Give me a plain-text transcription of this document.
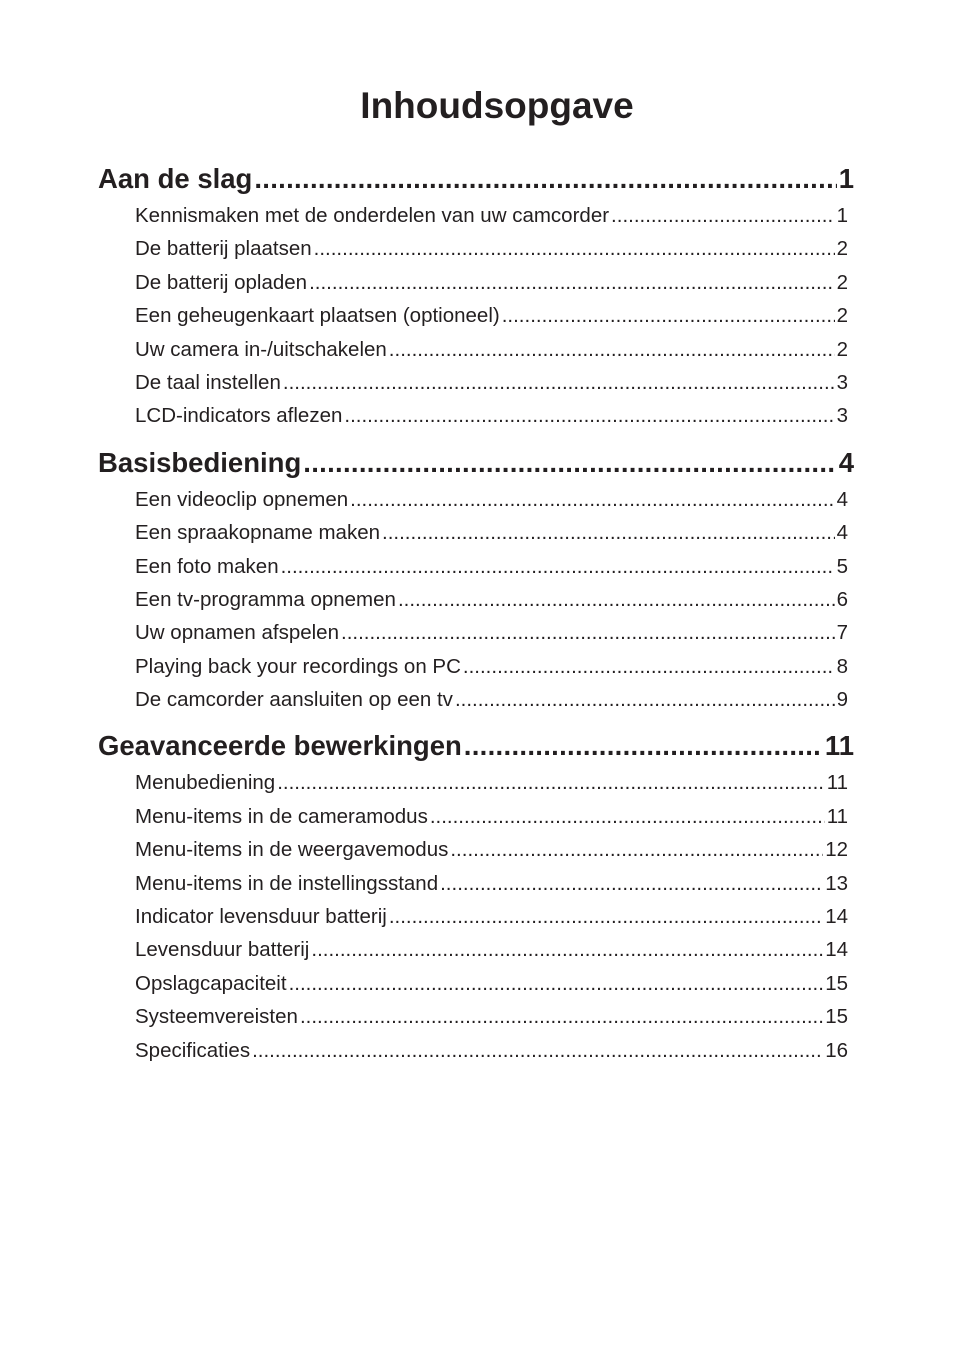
Inhoudsopgave
Aan de slag .....	1
Kennismaken met de onderdelen van uw camcorder .....	1
De batterij plaatsen .....	2
De batterij opladen .....	2
Een geheugenkaart plaatsen (optioneel) .....	2
Uw camera in-/uitschakelen .....	2
De taal instellen .....	3
LCD-indicators aflezen .....	3
Basisbediening .....	4
Een videoclip opnemen .....	4
Een spraakopname maken .....	4
Een foto maken .....	5
Een tv-programma opnemen .....	6
Uw opnamen afspelen .....	7
Playing back your recordings on PC .....	8
De camcorder aansluiten op een tv .....	9
Geavanceerde bewerkingen .....	11
Menubediening .....	11
Menu-items in de cameramodus .....	11
Menu-items in de weergavemodus .....	12
Menu-items in de instellingsstand .....	13
Indicator levensduur batterij .....	14
Levensduur batterij .....	14
Opslagcapaciteit .....	15
Systeemvereisten .....	15
Specificaties .....	16
